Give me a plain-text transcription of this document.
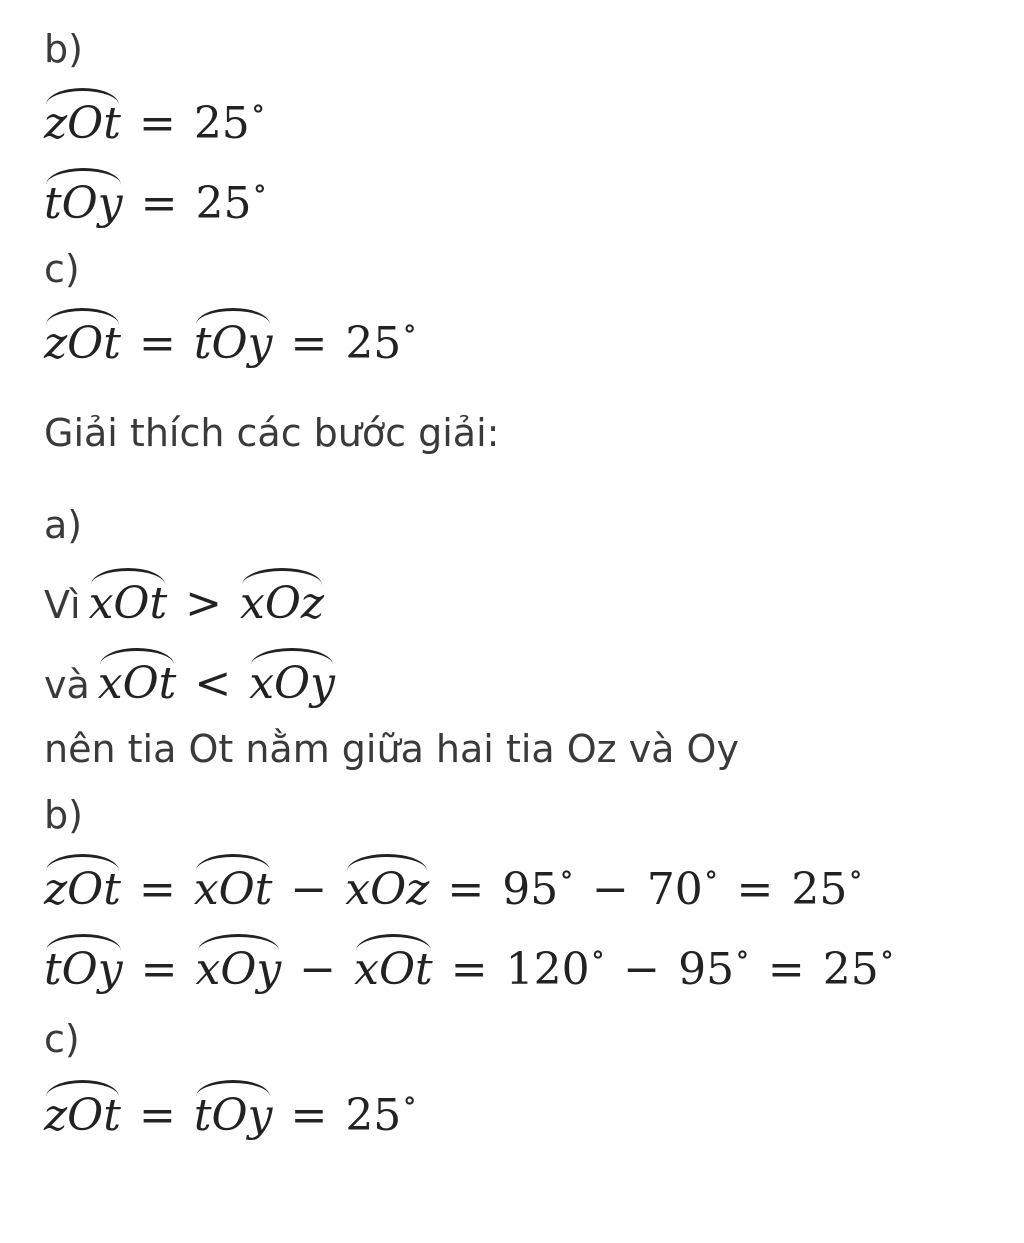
b)
zOt = 25 ∘
tOy = 25 ∘
c)
zOt = tOy = 25 ∘
Giải thích các bước giải:
a)
Vì xOt > xOz
và xOt < xOy
nên tia Ot nằm giữa hai tia Oz và Oy
b)
zOt = xOt − xOz = 95 ∘ − 70 ∘ = 25 ∘
tOy = xOy − xOt = 120 ∘ − 95 ∘ = 25 ∘
c)
zOt = tOy = 25 ∘
